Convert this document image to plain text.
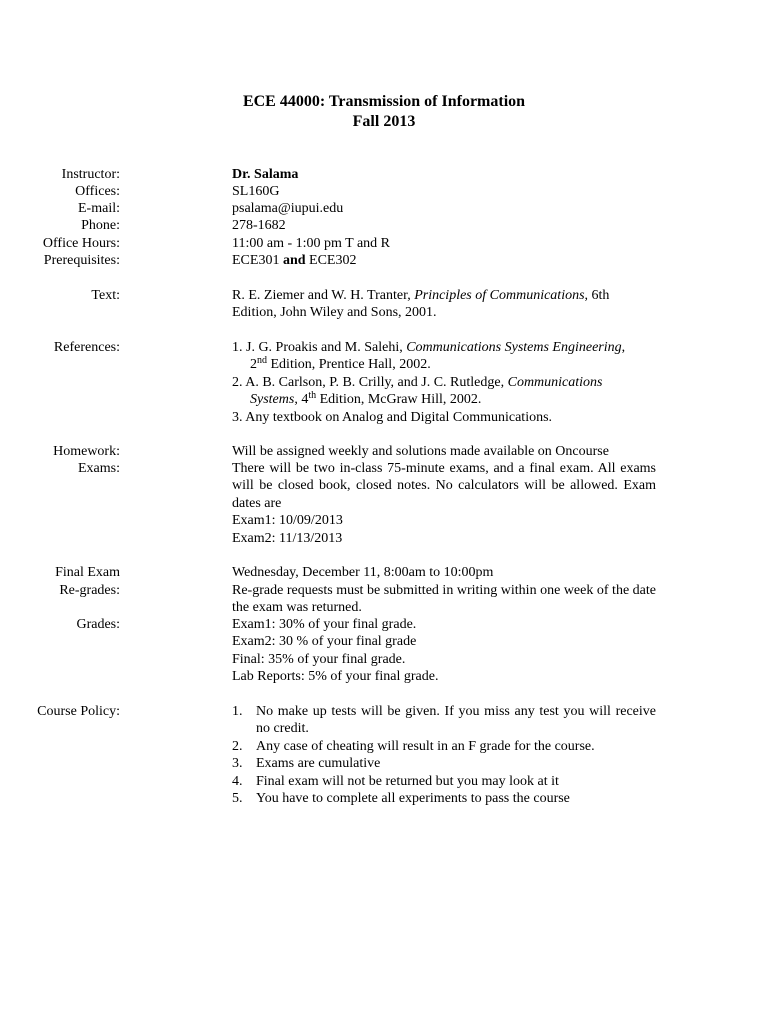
ECE 44000: Transmission of Information
Fall 2013
Instructor:	Dr. Salama
Offices:	SL160G
E-mail:	psalama@iupui.edu
Phone:	278-1682
Office Hours:	11:00 am - 1:00 pm T and R
Prerequisites:	ECE301 and ECE302
Text:	R. E. Ziemer and W. H. Tranter, Principles of Communications, 6th
Edition, John Wiley and Sons, 2001.
References:	1. J. G. Proakis and M. Salehi, Communications Systems Engineering,
2nd Edition, Prentice Hall, 2002.
2. A. B. Carlson, P. B. Crilly, and J. C. Rutledge, Communications
Systems, 4th Edition, McGraw Hill, 2002.
3. Any textbook on Analog and Digital Communications.
Homework:	Will be assigned weekly and solutions made available on Oncourse
Exams:	There will be two in-class 75-minute exams, and a final exam. All exams will be closed book, closed notes. No calculators will be allowed. Exam dates are
Exam1: 10/09/2013
Exam2: 11/13/2013
Final Exam	Wednesday, December 11, 8:00am to 10:00pm
Re-grades:	Re-grade requests must be submitted in writing within one week of the date the exam was returned.
Grades:	Exam1: 30% of your final grade.
Exam2: 30 % of your final grade
Final: 35% of your final grade.
Lab Reports: 5% of your final grade.
Course Policy:	1. No make up tests will be given. If you miss any test you will receive no credit.
2. Any case of cheating will result in an F grade for the course.
3. Exams are cumulative
4. Final exam will not be returned but you may look at it
5. You have to complete all experiments to pass the course
